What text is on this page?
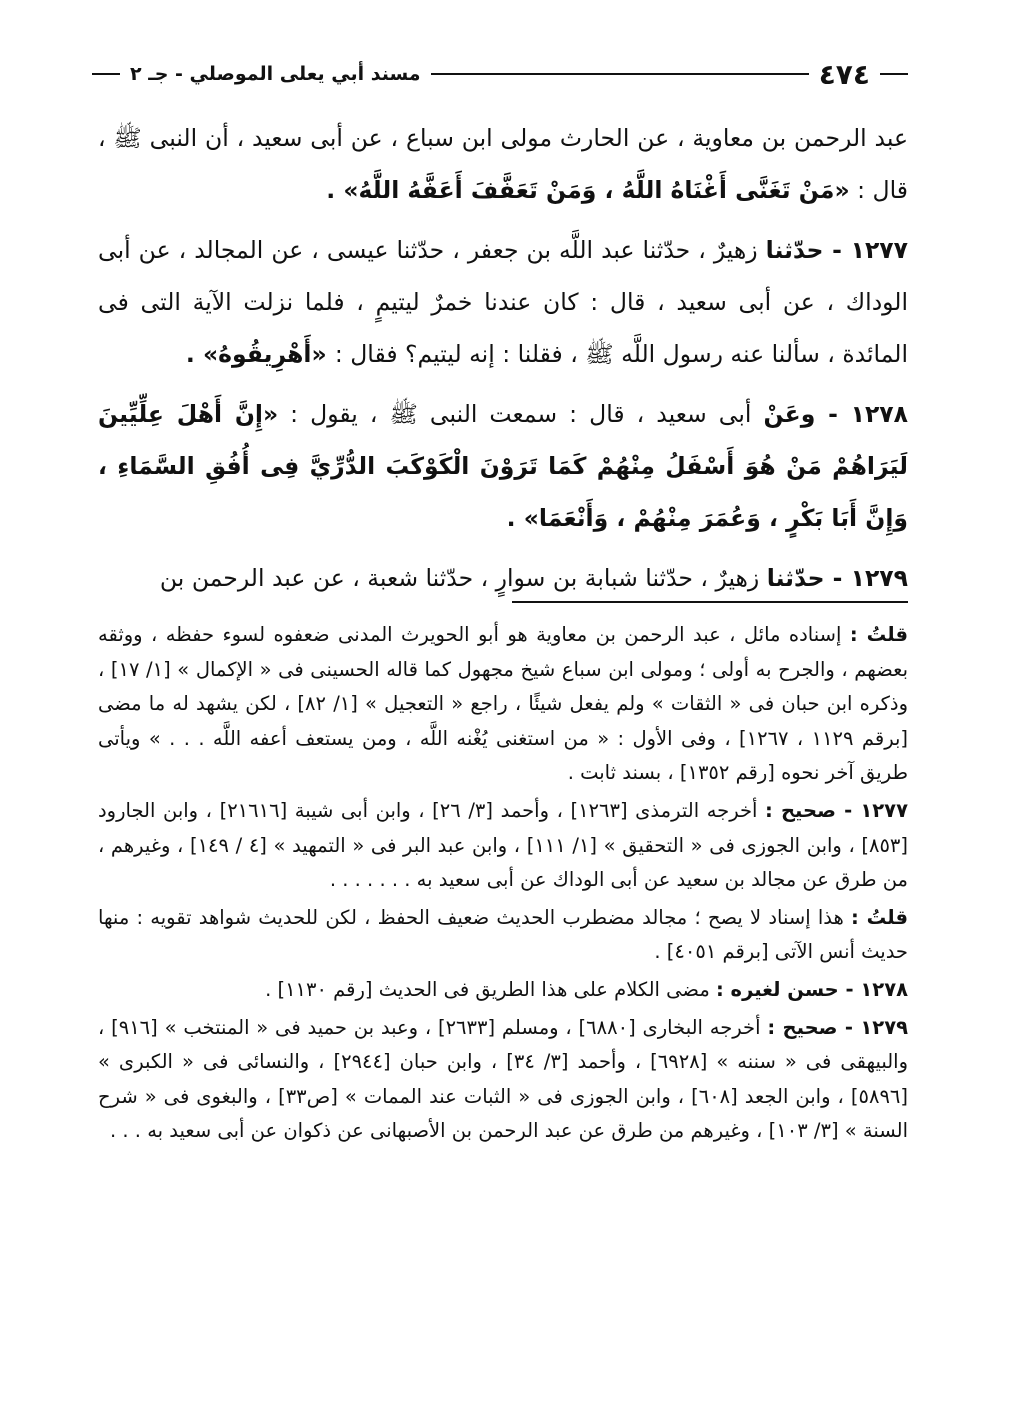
٤٧٤
مسند أبي يعلى الموصلي - جـ ٢

عبد الرحمن بن معاوية ، عن الحارث مولى ابن سباع ، عن أبى سعيد ، أن النبى ﷺ ، قال : «مَنْ تَغَنَّى أَغْنَاهُ اللَّهُ ، وَمَنْ تَعَفَّفَ أَعَفَّهُ اللَّهُ» .

١٢٧٧ - حدّثنا زهيرٌ ، حدّثنا عبد اللَّه بن جعفر ، حدّثنا عيسى ، عن المجالد ، عن أبى الوداك ، عن أبى سعيد ، قال : كان عندنا خمرٌ ليتيمٍ ، فلما نزلت الآية التى فى المائدة ، سألنا عنه رسول اللَّه ﷺ ، فقلنا : إنه ليتيم؟ فقال : «أَهْرِيقُوهُ» .

١٢٧٨ - وعَنْ أبى سعيد ، قال : سمعت النبى ﷺ ، يقول : «إِنَّ أَهْلَ عِلِّيِّينَ لَيَرَاهُمْ مَنْ هُوَ أَسْفَلُ مِنْهُمْ كَمَا تَرَوْنَ الْكَوْكَبَ الدُّرِّيَّ فِى أُفُقِ السَّمَاءِ ، وَإِنَّ أَبَا بَكْرٍ ، وَعُمَرَ مِنْهُمْ ، وَأَنْعَمَا» .

١٢٧٩ - حدّثنا زهيرٌ ، حدّثنا شبابة بن سوارٍ ، حدّثنا شعبة ، عن عبد الرحمن بن

قلتُ : إسناده مائل ، عبد الرحمن بن معاوية هو أبو الحويرث المدنى ضعفوه لسوء حفظه ، ووثقه بعضهم ، والجرح به أولى ؛ ومولى ابن سباع شيخ مجهول كما قاله الحسينى فى « الإكمال » [١/ ١٧] ، وذكره ابن حبان فى « الثقات » ولم يفعل شيئًا ، راجع « التعجيل » [١/ ٨٢] ، لكن يشهد له ما مضى [برقم ١١٢٩ ، ١٢٦٧] ، وفى الأول : « من استغنى يُغْنه اللَّه ، ومن يستعف أعفه اللَّه . . . » ويأتى طريق آخر نحوه [رقم ١٣٥٢] ، بسند ثابت .

١٢٧٧ - صحيح : أخرجه الترمذى [١٢٦٣] ، وأحمد [٣/ ٢٦] ، وابن أبى شيبة [٢١٦١٦] ، وابن الجارود [٨٥٣] ، وابن الجوزى فى « التحقيق » [١/ ١١١] ، وابن عبد البر فى « التمهيد » [٤ / ١٤٩] ، وغيرهم ، من طرق عن مجالد بن سعيد عن أبى الوداك عن أبى سعيد به . . . . . . .

قلتُ : هذا إسناد لا يصح ؛ مجالد مضطرب الحديث ضعيف الحفظ ، لكن للحديث شواهد تقويه : منها حديث أنس الآتى [برقم ٤٠٥١] .

١٢٧٨ - حسن لغيره : مضى الكلام على هذا الطريق فى الحديث [رقم ١١٣٠] .

١٢٧٩ - صحيح : أخرجه البخارى [٦٨٨٠] ، ومسلم [٢٦٣٣] ، وعبد بن حميد فى « المنتخب » [٩١٦] ، والبيهقى فى « سننه » [٦٩٢٨] ، وأحمد [٣/ ٣٤] ، وابن حبان [٢٩٤٤] ، والنسائى فى « الكبرى » [٥٨٩٦] ، وابن الجعد [٦٠٨] ، وابن الجوزى فى « الثبات عند الممات » [ص٣٣] ، والبغوى فى « شرح السنة » [٣/ ١٠٣] ، وغيرهم من طرق عن عبد الرحمن بن الأصبهانى عن ذكوان عن أبى سعيد به . . .
